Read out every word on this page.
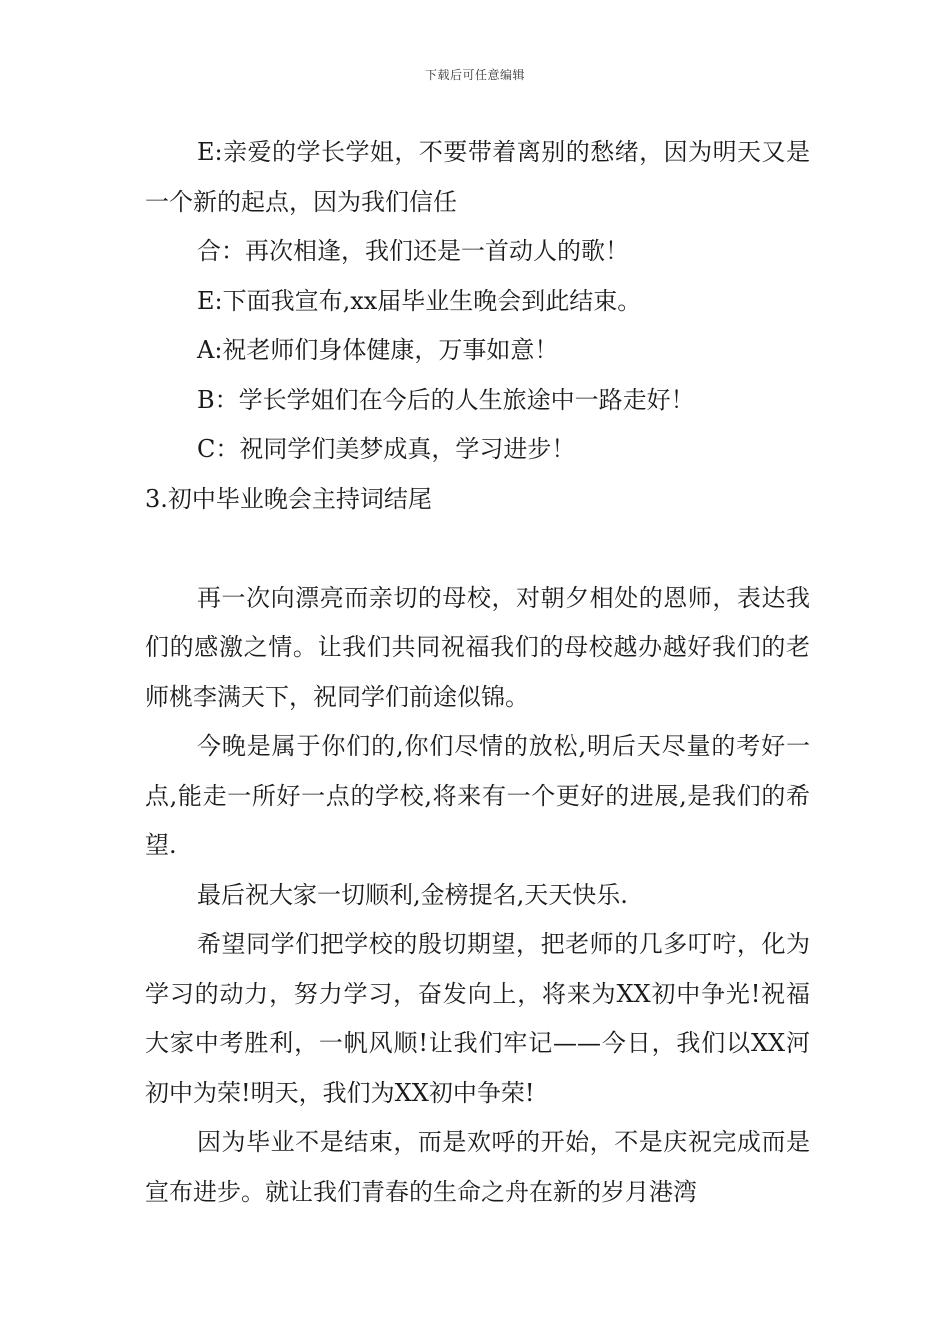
下载后可任意编辑

E:亲爱的学长学姐，不要带着离别的愁绪，因为明天又是一个新的起点，因为我们信任

合：再次相逢，我们还是一首动人的歌！

E:下面我宣布,xx届毕业生晚会到此结束。

A:祝老师们身体健康，万事如意！

B：学长学姐们在今后的人生旅途中一路走好！

C：祝同学们美梦成真，学习进步！

3.初中毕业晚会主持词结尾

再一次向漂亮而亲切的母校，对朝夕相处的恩师，表达我们的感激之情。让我们共同祝福我们的母校越办越好我们的老师桃李满天下，祝同学们前途似锦。

今晚是属于你们的,你们尽情的放松,明后天尽量的考好一点,能走一所好一点的学校,将来有一个更好的进展,是我们的希望.

最后祝大家一切顺利,金榜提名,天天快乐.

希望同学们把学校的殷切期望，把老师的几多叮咛，化为学习的动力，努力学习，奋发向上，将来为XX初中争光!祝福大家中考胜利，一帆风顺!让我们牢记——今日，我们以XX河初中为荣!明天，我们为XX初中争荣!

因为毕业不是结束，而是欢呼的开始，不是庆祝完成而是宣布进步。就让我们青春的生命之舟在新的岁月港湾
